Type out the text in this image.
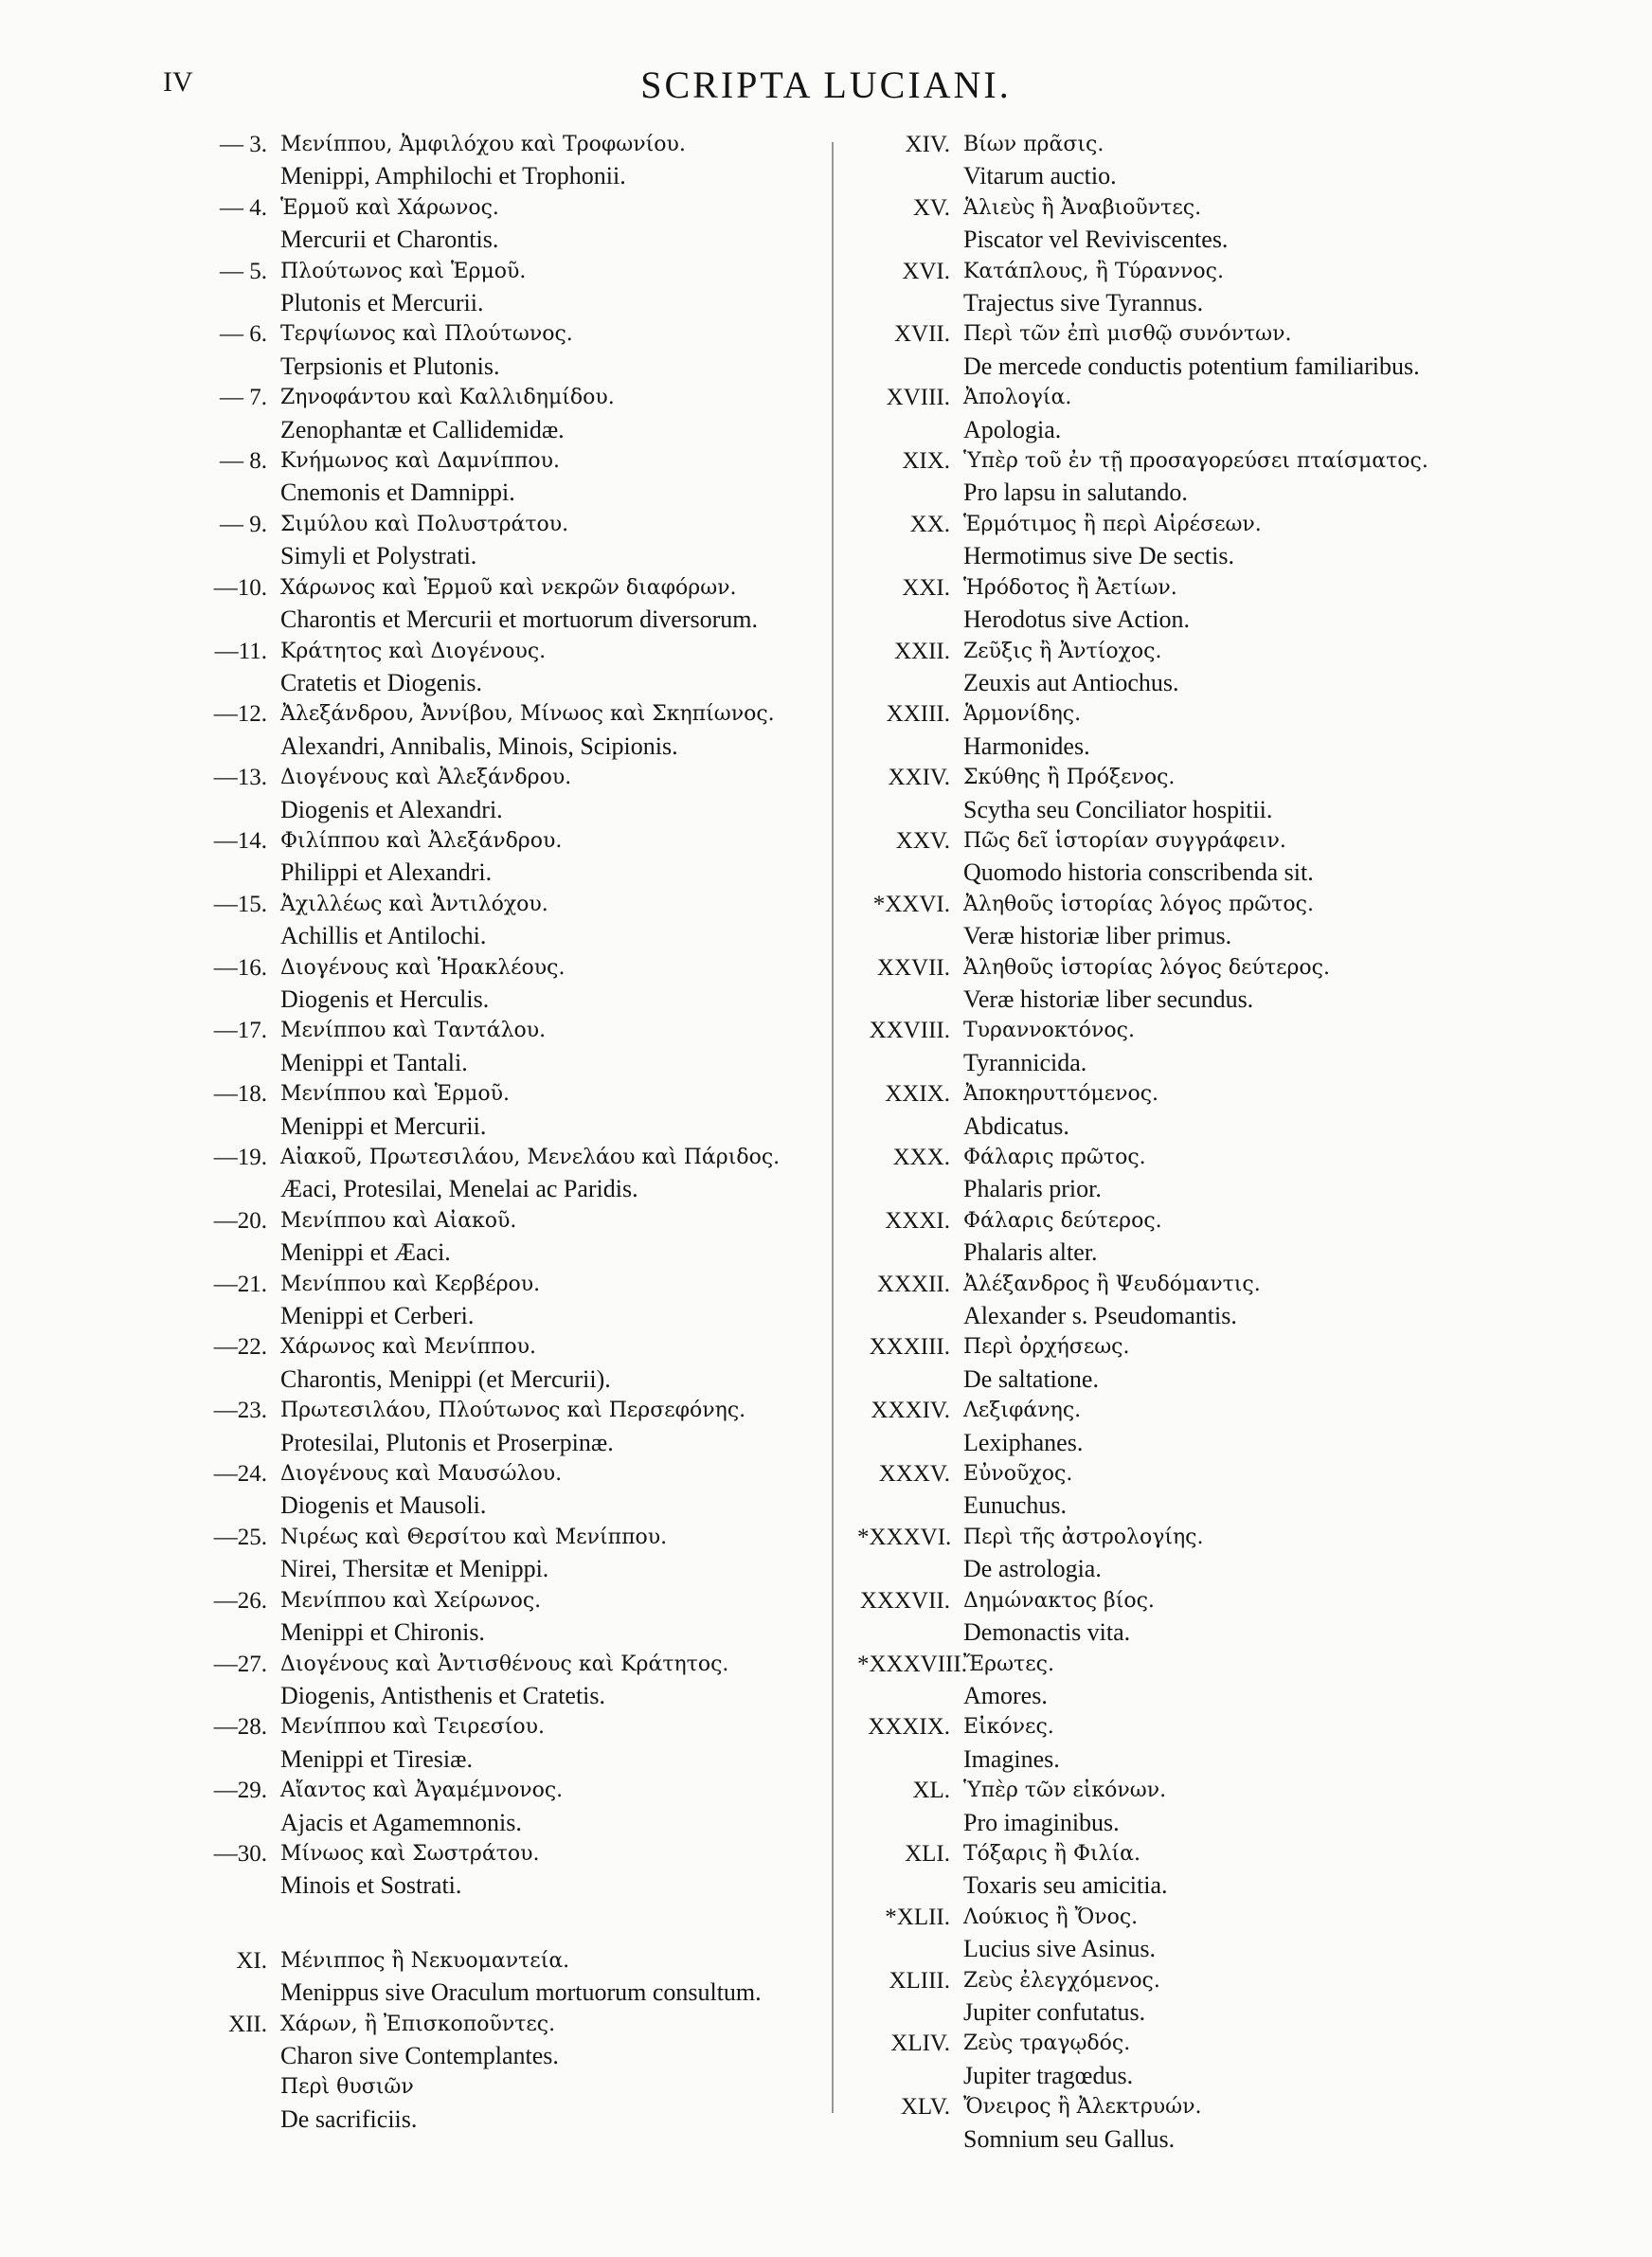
IV	SCRIPTA LUCIANI.
— 3. Μενίππου, Ἀμφιλόχου καὶ Τροφωνίου.
Menippi, Amphilochi et Trophonii.
— 4. Ἑρμοῦ καὶ Χάρωνος.
Mercurii et Charontis.
— 5. Πλούτωνος καὶ Ἑρμοῦ.
Plutonis et Mercurii.
— 6. Τερψίωνος καὶ Πλούτωνος.
Terpsionis et Plutonis.
— 7. Ζηνοφάντου καὶ Καλλιδημίδου.
Zenophantæ et Callidemidæ.
— 8. Κνήμωνος καὶ Δαμνίππου.
Cnemonis et Damnippi.
— 9. Σιμύλου καὶ Πολυστράτου.
Simyli et Polystrati.
—10. Χάρωνος καὶ Ἑρμοῦ καὶ νεκρῶν διαφόρων.
Charontis et Mercurii et mortuorum diversorum.
—11. Κράτητος καὶ Διογένους.
Cratetis et Diogenis.
—12. Ἀλεξάνδρου, Ἀννίβου, Μίνωος καὶ Σκηπίωνος.
Alexandri, Annibalis, Minois, Scipionis.
—13. Διογένους καὶ Ἀλεξάνδρου.
Diogenis et Alexandri.
—14. Φιλίππου καὶ Ἀλεξάνδρου.
Philippi et Alexandri.
—15. Ἀχιλλέως καὶ Ἀντιλόχου.
Achillis et Antilochi.
—16. Διογένους καὶ Ἡρακλέους.
Diogenis et Herculis.
—17. Μενίππου καὶ Ταντάλου.
Menippi et Tantali.
—18. Μενίππου καὶ Ἑρμοῦ.
Menippi et Mercurii.
—19. Αἰακοῦ, Πρωτεσιλάου, Μενελάου καὶ Πάριδος.
Æaci, Protesilai, Menelai ac Paridis.
—20. Μενίππου καὶ Αἰακοῦ.
Menippi et Æaci.
—21. Μενίππου καὶ Κερβέρου.
Menippi et Cerberi.
—22. Χάρωνος καὶ Μενίππου.
Charontis, Menippi (et Mercurii).
—23. Πρωτεσιλάου, Πλούτωνος καὶ Περσεφόνης.
Protesilai, Plutonis et Proserpinæ.
—24. Διογένους καὶ Μαυσώλου.
Diogenis et Mausoli.
—25. Νιρέως καὶ Θερσίτου καὶ Μενίππου.
Nirei, Thersitæ et Menippi.
—26. Μενίππου καὶ Χείρωνος.
Menippi et Chironis.
—27. Διογένους καὶ Ἀντισθένους καὶ Κράτητος.
Diogenis, Antisthenis et Cratetis.
—28. Μενίππου καὶ Τειρεσίου.
Menippi et Tiresiæ.
—29. Αἴαντος καὶ Ἀγαμέμνονος.
Ajacis et Agamemnonis.
—30. Μίνωος καὶ Σωστράτου.
Minois et Sostrati.
XI. Μένιππος ἢ Νεκυομαντεία.
Menippus sive Oraculum mortuorum consultum.
XII. Χάρων, ἢ Ἐπισκοποῦντες.
Charon sive Contemplantes.
Περὶ θυσιῶν
De sacrificiis.
XIV. Βίων πρᾶσις.
Vitarum auctio.
XV. Ἁλιεὺς ἢ Ἀναβιοῦντες.
Piscator vel Reviviscentes.
XVI. Κατάπλους, ἢ Τύραννος.
Trajectus sive Tyrannus.
XVII. Περὶ τῶν ἐπὶ μισθῷ συνόντων.
De mercede conductis potentium familiaribus.
XVIII. Ἀπολογία.
Apologia.
XIX. Ὑπὲρ τοῦ ἐν τῇ προσαγορεύσει πταίσματος.
Pro lapsu in salutando.
XX. Ἑρμότιμος ἢ περὶ Αἱρέσεων.
Hermotimus sive De sectis.
XXI. Ἡρόδοτος ἢ Ἀετίων.
Herodotus sive Action.
XXII. Ζεῦξις ἢ Ἀντίοχος.
Zeuxis aut Antiochus.
XXIII. Ἁρμονίδης.
Harmonides.
XXIV. Σκύθης ἢ Πρόξενος.
Scytha seu Conciliator hospitii.
XXV. Πῶς δεῖ ἱστορίαν συγγράφειν.
Quomodo historia conscribenda sit.
*XXVI. Ἀληθοῦς ἱστορίας λόγος πρῶτος.
Veræ historiæ liber primus.
XXVII. Ἀληθοῦς ἱστορίας λόγος δεύτερος.
Veræ historiæ liber secundus.
XXVIII. Τυραννοκτόνος.
Tyrannicida.
XXIX. Ἀποκηρυττόμενος.
Abdicatus.
XXX. Φάλαρις πρῶτος.
Phalaris prior.
XXXI. Φάλαρις δεύτερος.
Phalaris alter.
XXXII. Ἀλέξανδρος ἢ Ψευδόμαντις.
Alexander s. Pseudomantis.
XXXIII. Περὶ ὀρχήσεως.
De saltatione.
XXXIV. Λεξιφάνης.
Lexiphanes.
XXXV. Εὐνοῦχος.
Eunuchus.
*XXXVI. Περὶ τῆς ἀστρολογίης.
De astrologia.
XXXVII. Δημώνακτος βίος.
Demonactis vita.
*XXXVIII.
Ἔρωτες.
Amores.
XXXIX. Εἰκόνες.
Imagines.
XL. Ὑπὲρ τῶν εἰκόνων.
Pro imaginibus.
XLI. Τόξαρις ἢ Φιλία.
Toxaris seu amicitia.
*XLII. Λούκιος ἢ Ὄνος.
Lucius sive Asinus.
XLIII. Ζεὺς ἐλεγχόμενος.
Jupiter confutatus.
XLIV. Ζεὺς τραγῳδός.
Jupiter tragœdus.
XLV. Ὄνειρος ἢ Ἀλεκτρυών.
Somnium seu Gallus.
